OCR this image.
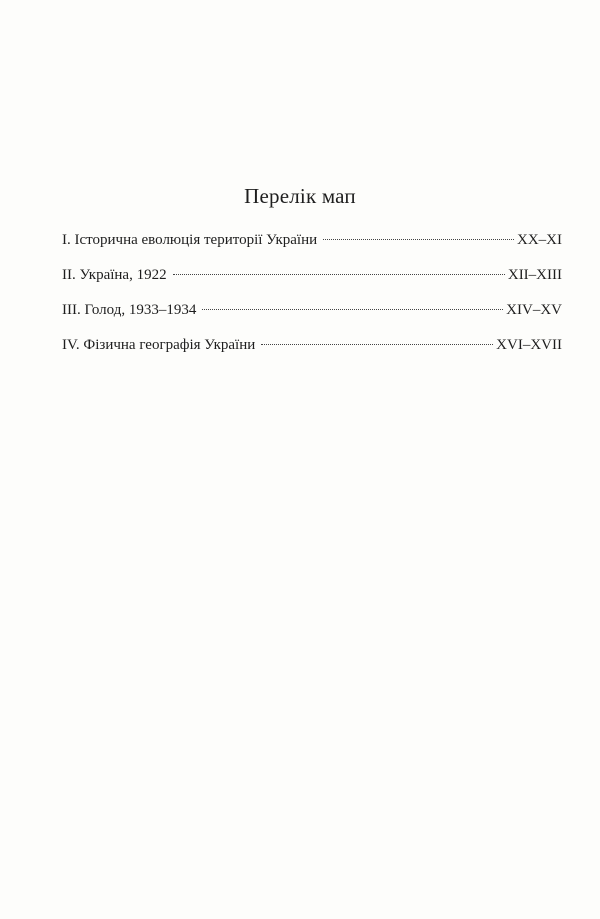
Перелік мап
I. Історична еволюція території України	XX–XI
II. Україна, 1922	XII–XIII
III. Голод, 1933–1934	XIV–XV
IV. Фізична географія України	XVI–XVII
